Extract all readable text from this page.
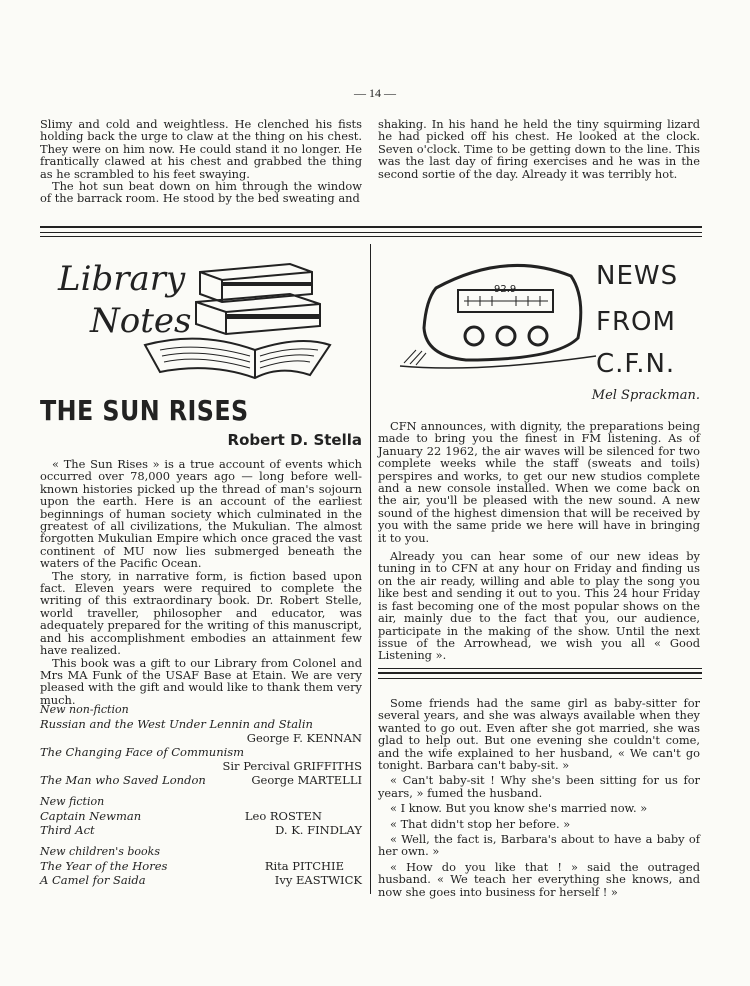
— 14 —

Slimy and cold and weightless. He clenched his fists holding back the urge to claw at the thing on his chest. They were on him now. He could stand it no longer. He frantically clawed at his chest and grabbed the thing as he scrambled to his feet swaying.

The hot sun beat down on him through the window of the barrack room. He stood by the bed sweating and

shaking. In his hand he held the tiny squirming lizard he had picked off his chest. He looked at the clock. Seven o'clock. Time to be getting down to the line. This was the last day of firing exercises and he was in the second sortie of the day. Already it was terribly hot.

Library
Notes
THE SUN RISES
Robert D. Stella

« The Sun Rises » is a true account of events which occurred over 78,000 years ago — long before well-known histories picked up the thread of man's sojourn upon the earth. Here is an account of the earliest beginnings of human society which culminated in the greatest of all civilizations, the Mukulian. The almost forgotten Mukulian Empire which once graced the vast continent of MU now lies submerged beneath the waters of the Pacific Ocean.

The story, in narrative form, is fiction based upon fact. Eleven years were required to complete the writing of this extraordinary book. Dr. Robert Stelle, world traveller, philosopher and educator, was adequately prepared for the writing of this manuscript, and his accomplishment embodies an attainment few have realized.

This book was a gift to our Library from Colonel and Mrs MA Funk of the USAF Base at Etain. We are very pleased with the gift and would like to thank them very much.

New non-fiction
Russian and the West Under Lennin and Stalin
George F. KENNAN
The Changing Face of Communism
Sir Percival GRIFFITHS
The Man who Saved London	George MARTELLI
New fiction
Captain Newman	Leo ROSTEN
Third Act	D. K. FINDLAY
New children's books
The Year of the Hores	Rita PITCHIE
A Camel for Saida	Ivy EASTWICK
92.9	NEWS
FROM
C.F.N.
Mel Sprackman.

CFN announces, with dignity, the preparations being made to bring you the finest in FM listening. As of January 22 1962, the air waves will be silenced for two complete weeks while the staff (sweats and toils) perspires and works, to get our new studios complete and a new console installed. When we come back on the air, you'll be pleased with the new sound. A new sound of the highest dimension that will be received by you with the same pride we here will have in bringing it to you.

Already you can hear some of our new ideas by tuning in to CFN at any hour on Friday and finding us on the air ready, willing and able to play the song you like best and sending it out to you. This 24 hour Friday is fast becoming one of the most popular shows on the air, mainly due to the fact that you, our audience, participate in the making of the show. Until the next issue of the Arrowhead, we wish you all « Good Listening ».

Some friends had the same girl as baby-sitter for several years, and she was always available when they wanted to go out. Even after she got married, she was glad to help out. But one evening she couldn't come, and the wife explained to her husband, « We can't go tonight. Barbara can't baby-sit. »

« Can't baby-sit ! Why she's been sitting for us for years, » fumed the husband.

« I know. But you know she's married now. »

« That didn't stop her before. »

« Well, the fact is, Barbara's about to have a baby of her own. »

« How do you like that ! » said the outraged husband. « We teach her everything she knows, and now she goes into business for herself ! »
